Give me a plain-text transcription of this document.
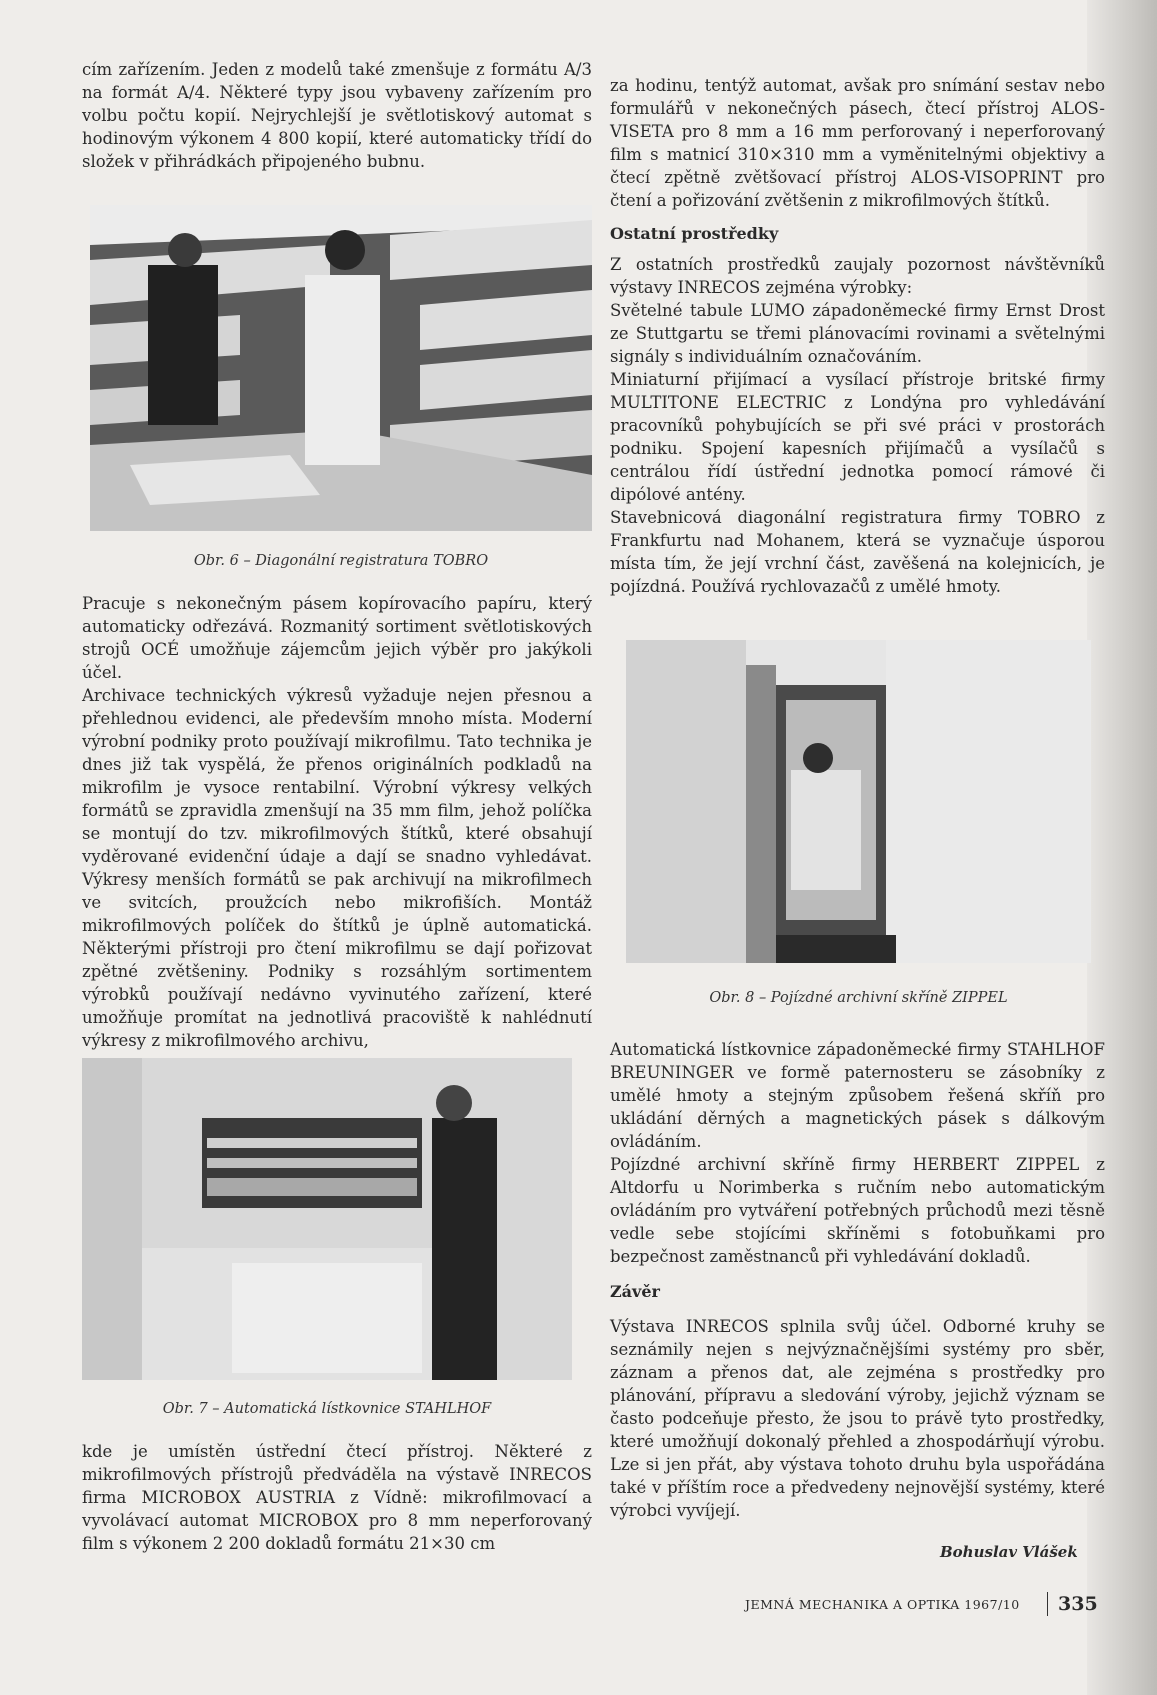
cím zařízením. Jeden z modelů také zmenšuje z formátu A/3 na formát A/4. Některé typy jsou vybaveny zařízením pro volbu počtu kopií. Nejrychlejší je světlotiskový automat s hodinovým výkonem 4 800 kopií, které automaticky třídí do složek v přihrádkách připojeného bubnu.

Obr. 6 – Diagonální registratura TOBRO

Pracuje s nekonečným pásem kopírovacího papíru, který automaticky odřezává. Rozmanitý sortiment světlotiskových strojů OCÉ umožňuje zájemcům jejich výběr pro jakýkoli účel.

Archivace technických výkresů vyžaduje nejen přesnou a přehlednou evidenci, ale především mnoho místa. Moderní výrobní podniky proto používají mikrofilmu. Tato technika je dnes již tak vyspělá, že přenos originálních podkladů na mikrofilm je vysoce rentabilní. Výrobní výkresy velkých formátů se zpravidla zmenšují na 35 mm film, jehož políčka se montují do tzv. mikrofilmových štítků, které obsahují vyděrované evidenční údaje a dají se snadno vyhledávat. Výkresy menších formátů se pak archivují na mikrofilmech ve svitcích, proužcích nebo mikrofiších. Montáž mikrofilmových políček do štítků je úplně automatická. Některými přístroji pro čtení mikrofilmu se dají pořizovat zpětné zvětšeniny. Podniky s rozsáhlým sortimentem výrobků používají nedávno vyvinutého zařízení, které umožňuje promítat na jednotlivá pracoviště k nahlédnutí výkresy z mikrofilmového archivu,

Obr. 7 – Automatická lístkovnice STAHLHOF

kde je umístěn ústřední čtecí přístroj. Některé z mikrofilmových přístrojů předváděla na výstavě INRECOS firma MICROBOX AUSTRIA z Vídně: mikrofilmovací a vyvolávací automat MICROBOX pro 8 mm neperforovaný film s výkonem 2 200 dokladů formátu 21×30 cm

za hodinu, tentýž automat, avšak pro snímání sestav nebo formulářů v nekonečných pásech, čtecí přístroj ALOS-VISETA pro 8 mm a 16 mm perforovaný i neperforovaný film s matnicí 310×310 mm a vyměnitelnými objektivy a čtecí zpětně zvětšovací přístroj ALOS-VISOPRINT pro čtení a pořizování zvětšenin z mikrofilmových štítků.

Ostatní prostředky

Z ostatních prostředků zaujaly pozornost návštěvníků výstavy INRECOS zejména výrobky:

Světelné tabule LUMO západoněmecké firmy Ernst Drost ze Stuttgartu se třemi plánovacími rovinami a světelnými signály s individuálním označováním.

Miniaturní přijímací a vysílací přístroje britské firmy MULTITONE ELECTRIC z Londýna pro vyhledávání pracovníků pohybujících se při své práci v prostorách podniku. Spojení kapesních přijímačů a vysílačů s centrálou řídí ústřední jednotka pomocí rámové či dipólové antény.

Stavebnicová diagonální registratura firmy TOBRO z Frankfurtu nad Mohanem, která se vyznačuje úsporou místa tím, že její vrchní část, zavěšená na kolejnicích, je pojízdná. Používá rychlovazačů z umělé hmoty.

Obr. 8 – Pojízdné archivní skříně ZIPPEL

Automatická lístkovnice západoněmecké firmy STAHLHOF BREUNINGER ve formě paternosteru se zásobníky z umělé hmoty a stejným způsobem řešená skříň pro ukládání děrných a magnetických pásek s dálkovým ovládáním.

Pojízdné archivní skříně firmy HERBERT ZIPPEL z Altdorfu u Norimberka s ručním nebo automatickým ovládáním pro vytváření potřebných průchodů mezi těsně vedle sebe stojícími skříněmi s fotobuňkami pro bezpečnost zaměstnanců při vyhledávání dokladů.

Závěr

Výstava INRECOS splnila svůj účel. Odborné kruhy se seznámily nejen s nejvýznačnějšími systémy pro sběr, záznam a přenos dat, ale zejména s prostředky pro plánování, přípravu a sledování výroby, jejichž význam se často podceňuje přesto, že jsou to právě tyto prostředky, které umožňují dokonalý přehled a zhospodárňují výrobu. Lze si jen přát, aby výstava tohoto druhu byla uspořádána také v příštím roce a předvedeny nejnovější systémy, které výrobci vyvíjejí.

Bohuslav Vlášek
JEMNÁ MECHANIKA A OPTIKA 1967/10 335
